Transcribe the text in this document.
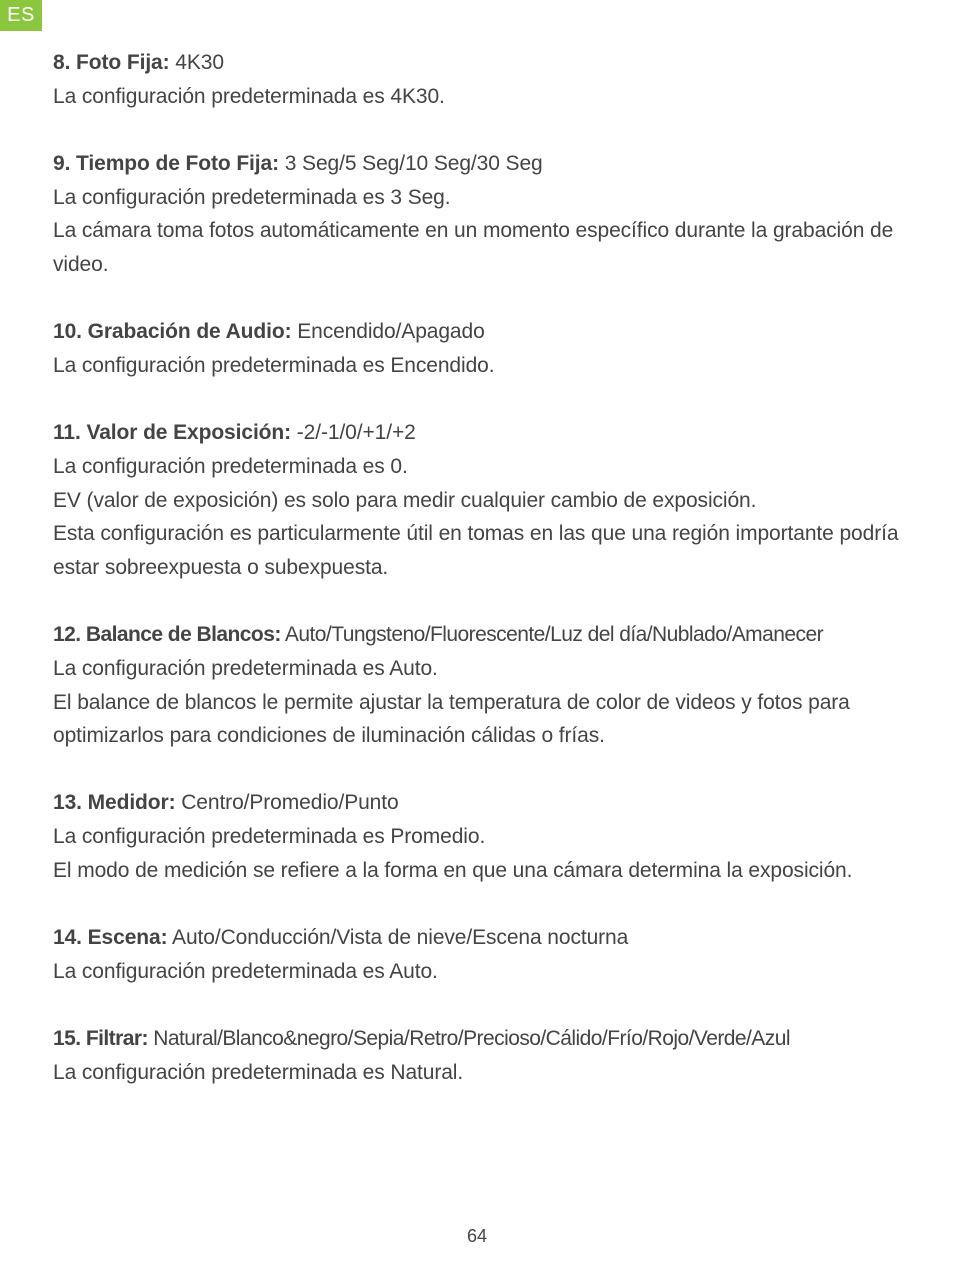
ES
8. Foto Fija: 4K30
La configuración predeterminada es 4K30.
9. Tiempo de Foto Fija: 3 Seg/5 Seg/10 Seg/30 Seg
La configuración predeterminada es 3 Seg.
La cámara toma fotos automáticamente en un momento específico durante la grabación de video.
10. Grabación de Audio: Encendido/Apagado
La configuración predeterminada es Encendido.
11. Valor de Exposición: -2/-1/0/+1/+2
La configuración predeterminada es 0.
EV (valor de exposición) es solo para medir cualquier cambio de exposición.
Esta configuración es particularmente útil en tomas en las que una región importante podría estar sobreexpuesta o subexpuesta.
12. Balance de Blancos: Auto/Tungsteno/Fluorescente/Luz del día/Nublado/Amanecer
La configuración predeterminada es Auto.
El balance de blancos le permite ajustar la temperatura de color de videos y fotos para optimizarlos para condiciones de iluminación cálidas o frías.
13. Medidor: Centro/Promedio/Punto
La configuración predeterminada es Promedio.
El modo de medición se refiere a la forma en que una cámara determina la exposición.
14. Escena: Auto/Conducción/Vista de nieve/Escena nocturna
La configuración predeterminada es Auto.
15. Filtrar: Natural/Blanco&negro/Sepia/Retro/Precioso/Cálido/Frío/Rojo/Verde/Azul
La configuración predeterminada es Natural.
64
